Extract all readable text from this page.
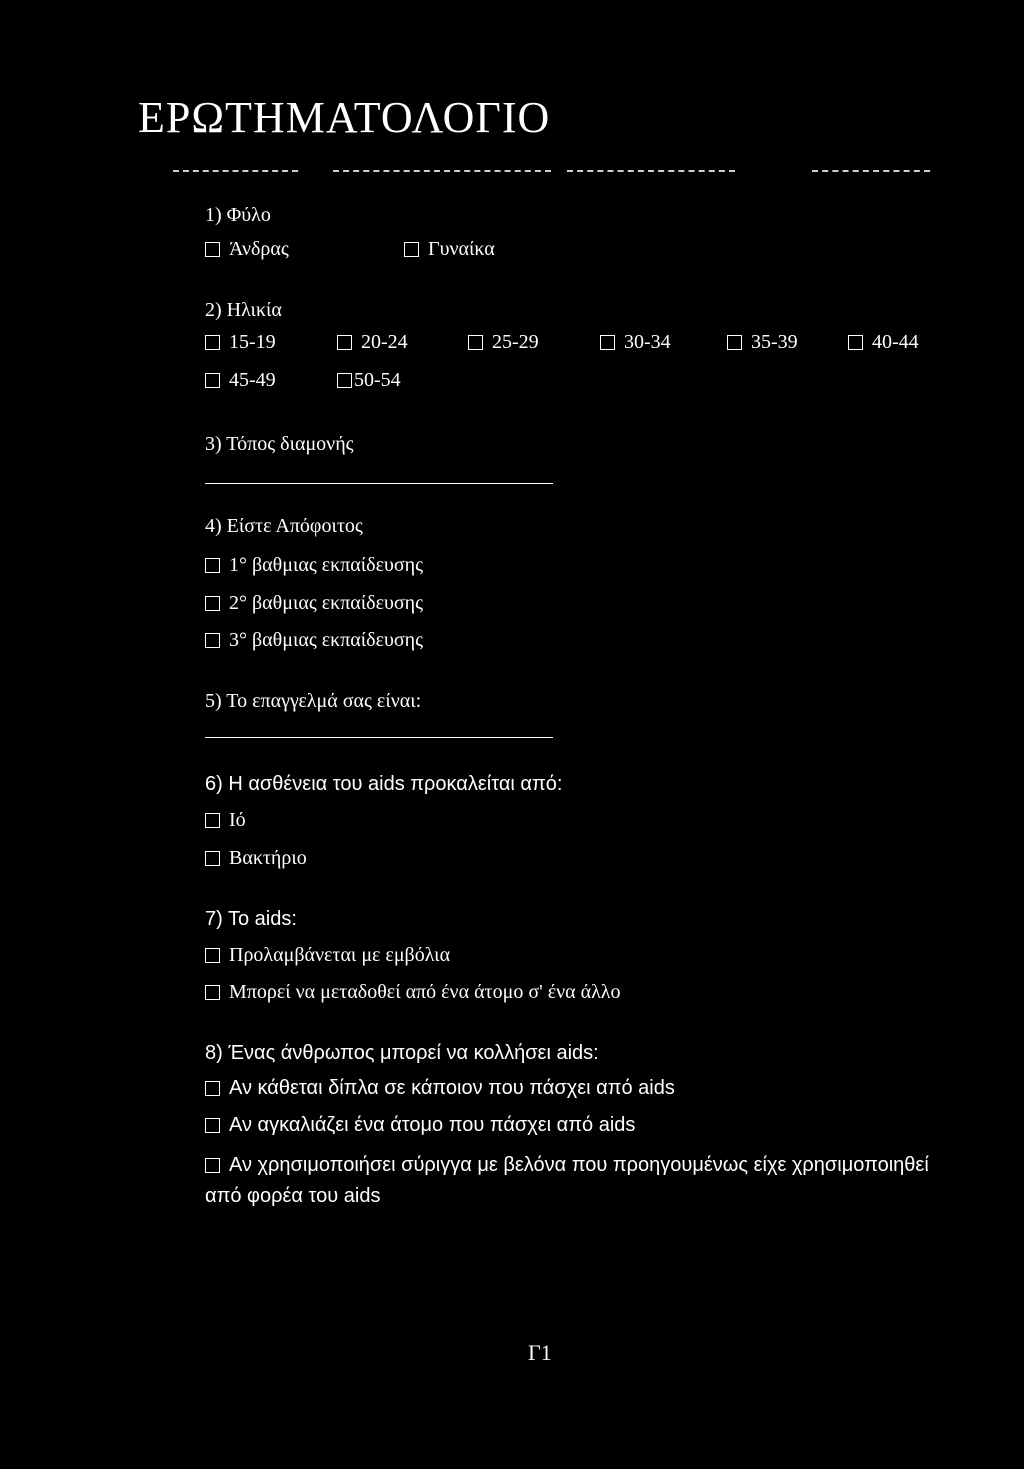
ΕΡΩΤΗΜΑΤΟΛΟΓΙΟ
1) Φύλο
Άνδρας	Γυναίκα
2) Ηλικία
15-19	20-24	25-29	30-34	35-39	40-44
45-49	50-54
3) Τόπος διαμονής
4) Είστε Απόφοιτος
1° βαθμιας εκπαίδευσης
2° βαθμιας εκπαίδευσης
3° βαθμιας εκπαίδευσης
5) Το επαγγελμά σας είναι:
6) Η ασθένεια του aids προκαλείται από:
Ιό
Βακτήριο
7) Το aids:
Προλαμβάνεται με εμβόλια
Μπορεί να μεταδοθεί από ένα άτομο σ' ένα άλλο
8) Ένας άνθρωπος μπορεί να κολλήσει aids:
Αν κάθεται δίπλα σε κάποιον που πάσχει από aids
Αν αγκαλιάζει ένα άτομο που πάσχει από aids
Αν χρησιμοποιήσει σύριγγα με βελόνα που προηγουμένως είχε χρησιμοποιηθεί
από φορέα του aids
Γ1
